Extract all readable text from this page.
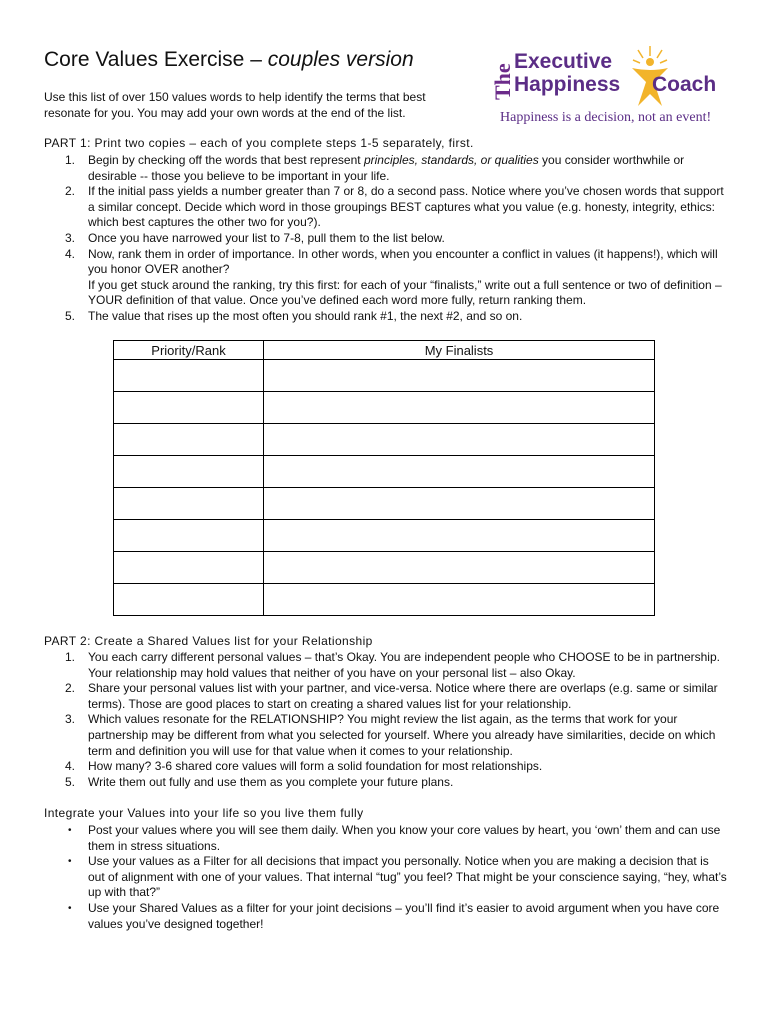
Core Values Exercise – couples version
Use this list of over 150 values words to help identify the terms that best resonate for you. You may add your own words at the end of the list.
The
Executive
Happiness Coach
Happiness is a decision, not an event!
PART 1: Print two copies – each of you complete steps 1-5 separately, first.
1. Begin by checking off the words that best represent principles, standards, or qualities you consider worthwhile or desirable -- those you believe to be important in your life.
2. If the initial pass yields a number greater than 7 or 8, do a second pass. Notice where you’ve chosen words that support a similar concept. Decide which word in those groupings BEST captures what you value (e.g. honesty, integrity, ethics: which best captures the other two for you?).
3. Once you have narrowed your list to 7-8, pull them to the list below.
4. Now, rank them in order of importance. In other words, when you encounter a conflict in values (it happens!), which will you honor OVER another?
If you get stuck around the ranking, try this first: for each of your “finalists,” write out a full sentence or two of definition – YOUR definition of that value. Once you’ve defined each word more fully, return ranking them.
5. The value that rises up the most often you should rank #1, the next #2, and so on.
Priority/Rank	My Finalists

PART 2: Create a Shared Values list for your Relationship
1. You each carry different personal values – that’s Okay. You are independent people who CHOOSE to be in partnership. Your relationship may hold values that neither of you have on your personal list – also Okay.
2. Share your personal values list with your partner, and vice-versa. Notice where there are overlaps (e.g. same or similar terms). Those are good places to start on creating a shared values list for your relationship.
3. Which values resonate for the RELATIONSHIP? You might review the list again, as the terms that work for your partnership may be different from what you selected for yourself. Where you already have similarities, decide on which term and definition you will use for that value when it comes to your relationship.
4. How many? 3-6 shared core values will form a solid foundation for most relationships.
5. Write them out fully and use them as you complete your future plans.
Integrate your Values into your life so you live them fully
• Post your values where you will see them daily. When you know your core values by heart, you ‘own’ them and can use them in stress situations.
• Use your values as a Filter for all decisions that impact you personally. Notice when you are making a decision that is out of alignment with one of your values. That internal “tug” you feel? That might be your conscience saying, “hey, what’s up with that?”
• Use your Shared Values as a filter for your joint decisions – you’ll find it’s easier to avoid argument when you have core values you’ve designed together!
